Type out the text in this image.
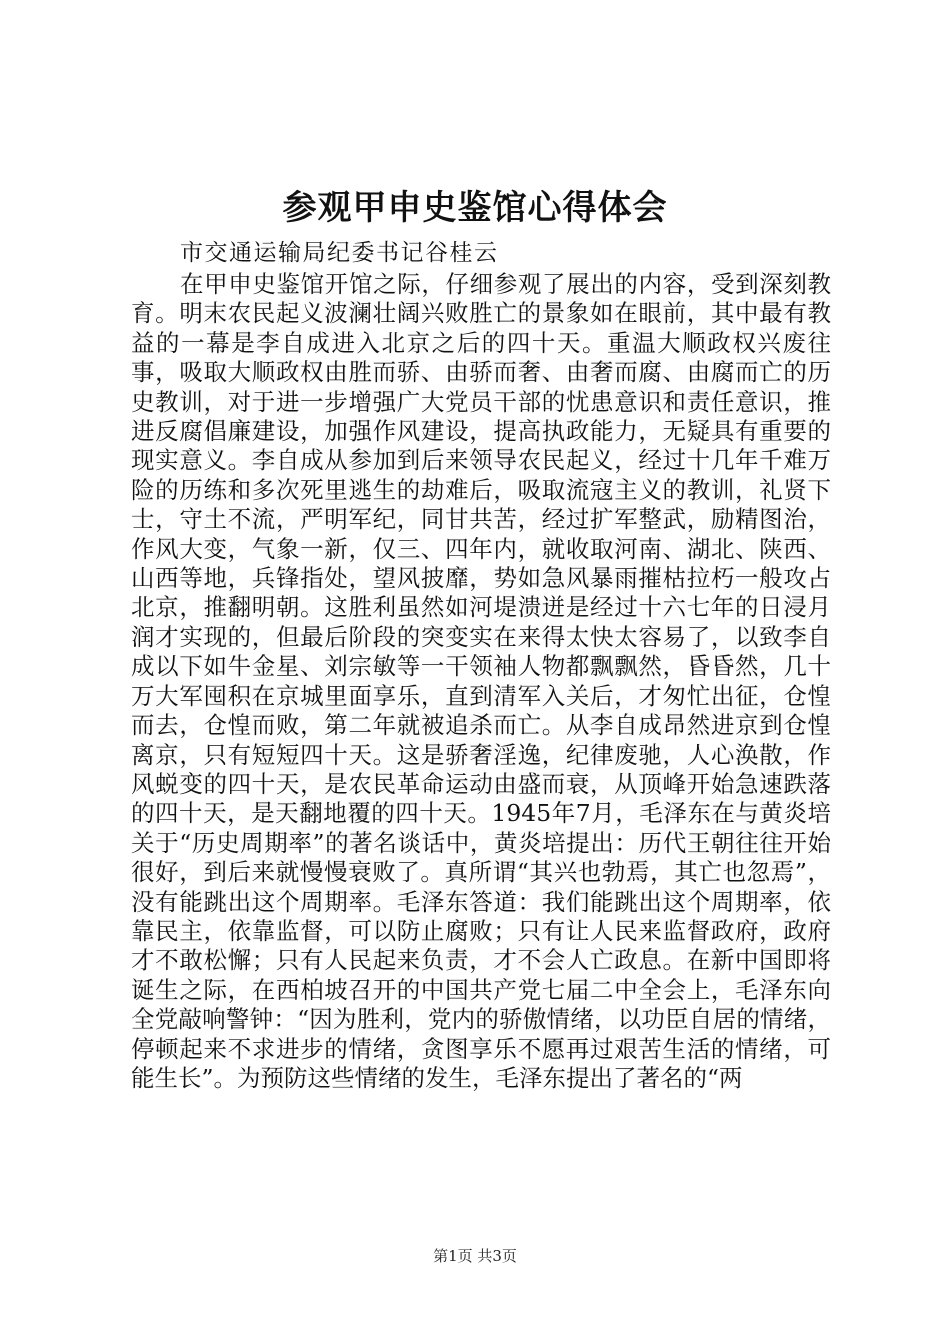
参观甲申史鉴馆心得体会
市交通运输局纪委书记谷桂云

在甲申史鉴馆开馆之际，仔细参观了展出的内容，受到深刻教育。明末农民起义波澜壮阔兴败胜亡的景象如在眼前，其中最有教益的一幕是李自成进入北京之后的四十天。重温大顺政权兴废往事，吸取大顺政权由胜而骄、由骄而奢、由奢而腐、由腐而亡的历史教训，对于进一步增强广大党员干部的忧患意识和责任意识，推进反腐倡廉建设，加强作风建设，提高执政能力，无疑具有重要的现实意义。李自成从参加到后来领导农民起义，经过十几年千难万险的历练和多次死里逃生的劫难后，吸取流寇主义的教训，礼贤下士，守土不流，严明军纪，同甘共苦，经过扩军整武，励精图治，作风大变，气象一新，仅三、四年内，就收取河南、湖北、陕西、山西等地，兵锋指处，望风披靡，势如急风暴雨摧枯拉朽一般攻占北京，推翻明朝。这胜利虽然如河堤溃迸是经过十六七年的日浸月润才实现的，但最后阶段的突变实在来得太快太容易了，以致李自成以下如牛金星、刘宗敏等一干领袖人物都飘飘然，昏昏然，几十万大军囤积在京城里面享乐，直到清军入关后，才匆忙出征，仓惶而去，仓惶而败，第二年就被追杀而亡。从李自成昂然进京到仓惶离京，只有短短四十天。这是骄奢淫逸，纪律废驰，人心涣散，作风蜕变的四十天，是农民革命运动由盛而衰，从顶峰开始急速跌落的四十天，是天翻地覆的四十天。1945年7月，毛泽东在与黄炎培关于“历史周期率”的著名谈话中，黄炎培提出：历代王朝往往开始很好，到后来就慢慢衰败了。真所谓“其兴也勃焉，其亡也忽焉”，没有能跳出这个周期率。毛泽东答道：我们能跳出这个周期率，依靠民主，依靠监督，可以防止腐败；只有让人民来监督政府，政府才不敢松懈；只有人民起来负责，才不会人亡政息。在新中国即将诞生之际，在西柏坡召开的中国共产党七届二中全会上，毛泽东向全党敲响警钟：“因为胜利，党内的骄傲情绪，以功臣自居的情绪，停顿起来不求进步的情绪，贪图享乐不愿再过艰苦生活的情绪，可能生长”。为预防这些情绪的发生，毛泽东提出了著名的“两

第1页 共3页
